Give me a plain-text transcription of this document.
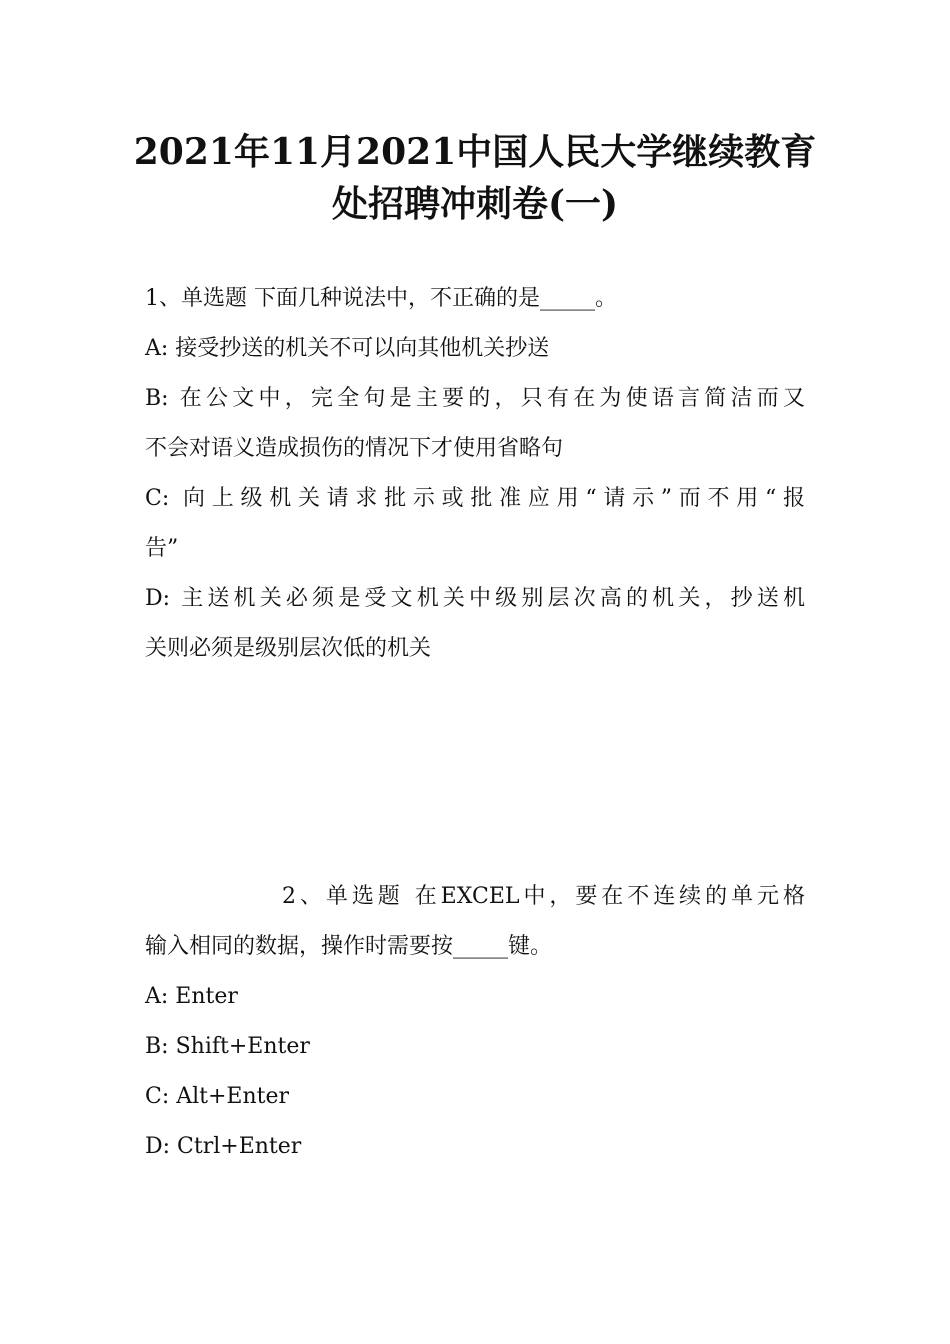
2021年11月2021中国人民大学继续教育
处招聘冲刺卷(一)
1、单选题 下面几种说法中，不正确的是_____。
A: 接受抄送的机关不可以向其他机关抄送
B: 在公文中，完全句是主要的，只有在为使语言简洁而又
不会对语义造成损伤的情况下才使用省略句
C: 向上级机关请求批示或批准应用“请示”而不用“报
告”
D: 主送机关必须是受文机关中级别层次高的机关，抄送机
关则必须是级别层次低的机关
2、单选题 在EXCEL中，要在不连续的单元格
输入相同的数据，操作时需要按_____键。
A: Enter
B: Shift+Enter
C: Alt+Enter
D: Ctrl+Enter
